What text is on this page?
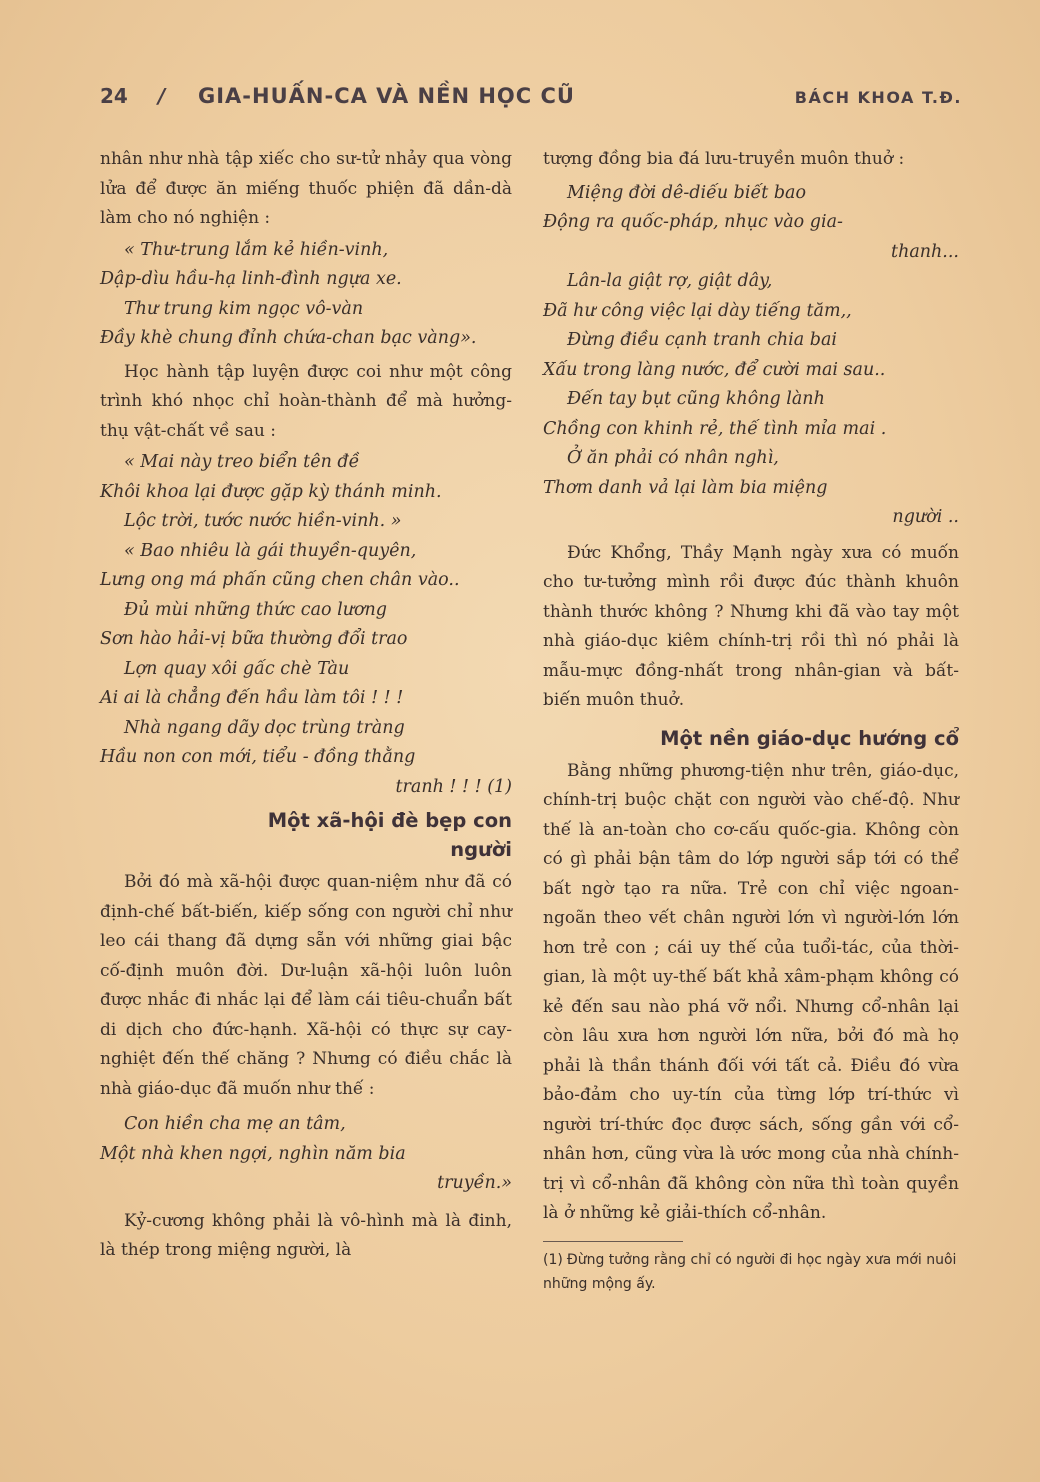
24 / GIA-HUẤN-CA VÀ NỀN HỌC CŨ	BÁCH KHOA T.Đ.

nhân như nhà tập xiếc cho sư-tử nhảy qua vòng lửa để được ăn miếng thuốc phiện đã dần-dà làm cho nó nghiện :

« Thư-trung lắm kẻ hiền-vinh,
Dập-dìu hầu-hạ linh-đình ngựa xe.
Thư trung kim ngọc vô-vàn
Đầy khè chung đỉnh chứa-chan bạc vàng».

Học hành tập luyện được coi như một công trình khó nhọc chỉ hoàn-thành để mà hưởng-thụ vật-chất về sau :

« Mai này treo biển tên đề
Khôi khoa lại được gặp kỳ thánh minh.
Lộc trời, tước nước hiền-vinh. »
« Bao nhiêu là gái thuyền-quyên,
Lưng ong má phấn cũng chen chân vào..
Đủ mùi những thức cao lương
Sơn hào hải-vị bữa thường đổi trao
Lợn quay xôi gấc chè Tàu
Ai ai là chẳng đến hầu làm tôi ! ! !
Nhà ngang dãy dọc trùng tràng
Hầu non con mới, tiểu - đồng thằng
tranh ! ! ! (1)
Một xã-hội đè bẹp con người

Bởi đó mà xã-hội được quan-niệm như đã có định-chế bất-biến, kiếp sống con người chỉ như leo cái thang đã dựng sẵn với những giai bậc cố-định muôn đời. Dư-luận xã-hội luôn luôn được nhắc đi nhắc lại để làm cái tiêu-chuẩn bất di dịch cho đức-hạnh. Xã-hội có thực sự cay-nghiệt đến thế chăng ? Nhưng có điều chắc là nhà giáo-dục đã muốn như thế :

Con hiền cha mẹ an tâm,
Một nhà khen ngợi, nghìn năm bia
truyền.»

Kỷ-cương không phải là vô-hình mà là đinh, là thép trong miệng người, là

tượng đồng bia đá lưu-truyền muôn thuở :

Miệng đời dê-diếu biết bao
Động ra quốc-pháp, nhục vào gia-
thanh...
Lân-la giật rợ, giật dây,
Đã hư công việc lại dày tiếng tăm,,
Đừng điều cạnh tranh chia bai
Xấu trong làng nước, để cười mai sau..
Đến tay bụt cũng không lành
Chồng con khinh rẻ, thế tình mỉa mai .
Ở ăn phải có nhân nghì,
Thơm danh vả lại làm bia miệng
người ..

Đức Khổng, Thầy Mạnh ngày xưa có muốn cho tư-tưởng mình rồi được đúc thành khuôn thành thước không ? Nhưng khi đã vào tay một nhà giáo-dục kiêm chính-trị rồi thì nó phải là mẫu-mực đồng-nhất trong nhân-gian và bất-biến muôn thuở.

Một nền giáo-dục hướng cổ

Bằng những phương-tiện như trên, giáo-dục, chính-trị buộc chặt con người vào chế-độ. Như thế là an-toàn cho cơ-cấu quốc-gia. Không còn có gì phải bận tâm do lớp người sắp tới có thể bất ngờ tạo ra nữa. Trẻ con chỉ việc ngoan-ngoãn theo vết chân người lớn vì người-lớn lớn hơn trẻ con ; cái uy thế của tuổi-tác, của thời-gian, là một uy-thế bất khả xâm-phạm không có kẻ đến sau nào phá vỡ nổi. Nhưng cổ-nhân lại còn lâu xưa hơn người lớn nữa, bởi đó mà họ phải là thần thánh đối với tất cả. Điều đó vừa bảo-đảm cho uy-tín của từng lớp trí-thức vì người trí-thức đọc được sách, sống gần với cổ-nhân hơn, cũng vừa là ước mong của nhà chính-trị vì cổ-nhân đã không còn nữa thì toàn quyền là ở những kẻ giải-thích cổ-nhân.

(1) Đừng tưởng rằng chỉ có người đi học ngày xưa mới nuôi những mộng ấy.
